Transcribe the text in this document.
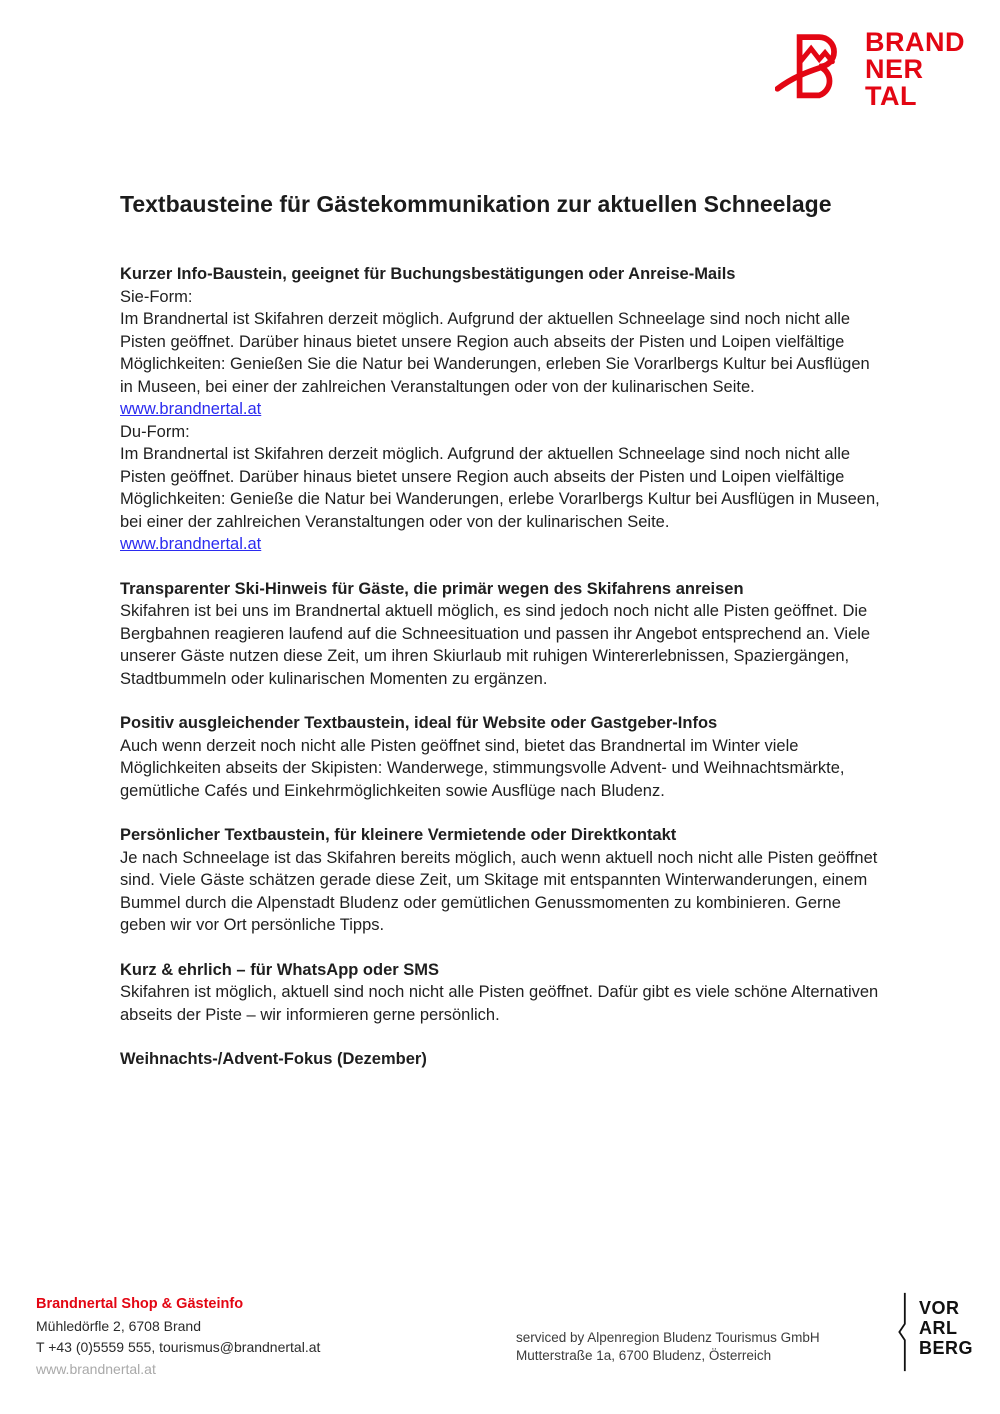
BRAND
NER
TAL
Textbausteine für Gästekommunikation zur aktuellen Schneelage
Kurzer Info-Baustein, geeignet für Buchungsbestätigungen oder Anreise-Mails
Sie-Form:
Im Brandnertal ist Skifahren derzeit möglich. Aufgrund der aktuellen Schneelage sind noch nicht alle Pisten geöffnet. Darüber hinaus bietet unsere Region auch abseits der Pisten und Loipen vielfältige Möglichkeiten: Genießen Sie die Natur bei Wanderungen, erleben Sie Vorarlbergs Kultur bei Ausflügen in Museen, bei einer der zahlreichen Veranstaltungen oder von der kulinarischen Seite.
www.brandnertal.at
Du-Form:
Im Brandnertal ist Skifahren derzeit möglich. Aufgrund der aktuellen Schneelage sind noch nicht alle Pisten geöffnet. Darüber hinaus bietet unsere Region auch abseits der Pisten und Loipen vielfältige Möglichkeiten: Genieße die Natur bei Wanderungen, erlebe Vorarlbergs Kultur bei Ausflügen in Museen, bei einer der zahlreichen Veranstaltungen oder von der kulinarischen Seite.
www.brandnertal.at
Transparenter Ski-Hinweis für Gäste, die primär wegen des Skifahrens anreisen
Skifahren ist bei uns im Brandnertal aktuell möglich, es sind jedoch noch nicht alle Pisten geöffnet. Die Bergbahnen reagieren laufend auf die Schneesituation und passen ihr Angebot entsprechend an. Viele unserer Gäste nutzen diese Zeit, um ihren Skiurlaub mit ruhigen Wintererlebnissen, Spaziergängen, Stadtbummeln oder kulinarischen Momenten zu ergänzen.
Positiv ausgleichender Textbaustein, ideal für Website oder Gastgeber-Infos
Auch wenn derzeit noch nicht alle Pisten geöffnet sind, bietet das Brandnertal im Winter viele Möglichkeiten abseits der Skipisten: Wanderwege, stimmungsvolle Advent- und Weihnachtsmärkte, gemütliche Cafés und Einkehrmöglichkeiten sowie Ausflüge nach Bludenz.
Persönlicher Textbaustein, für kleinere Vermietende oder Direktkontakt
Je nach Schneelage ist das Skifahren bereits möglich, auch wenn aktuell noch nicht alle Pisten geöffnet sind. Viele Gäste schätzen gerade diese Zeit, um Skitage mit entspannten Winterwanderungen, einem Bummel durch die Alpenstadt Bludenz oder gemütlichen Genussmomenten zu kombinieren. Gerne geben wir vor Ort persönliche Tipps.
Kurz & ehrlich – für WhatsApp oder SMS
Skifahren ist möglich, aktuell sind noch nicht alle Pisten geöffnet. Dafür gibt es viele schöne Alternativen abseits der Piste – wir informieren gerne persönlich.
Weihnachts-/Advent-Fokus (Dezember)
Brandnertal Shop & Gästeinfo
Mühledörfle 2, 6708 Brand
T +43 (0)5559 555, tourismus@brandnertal.at
www.brandnertal.at
serviced by Alpenregion Bludenz Tourismus GmbH
Mutterstraße 1a, 6700 Bludenz, Österreich
VOR
ARL
BERG
